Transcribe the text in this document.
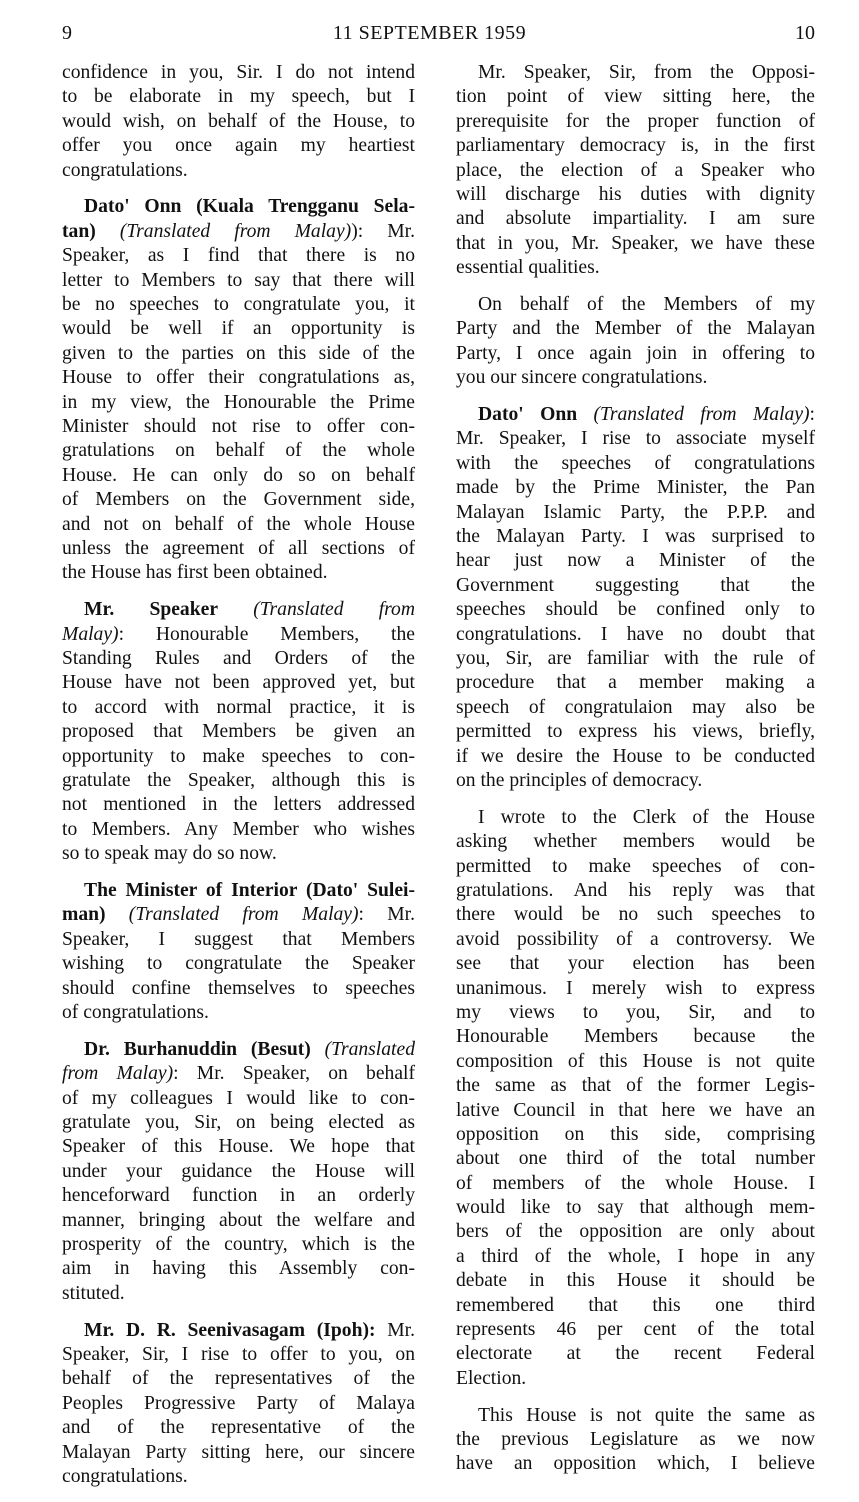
9	11 SEPTEMBER 1959	10
confidence in you, Sir. I do not intend
to be elaborate in my speech, but I
would wish, on behalf of the House, to
offer you once again my heartiest
congratulations.
Dato' Onn (Kuala Trengganu Sela-
tan) (Translated from Malay)): Mr.
Speaker, as I find that there is no
letter to Members to say that there will
be no speeches to congratulate you, it
would be well if an opportunity is
given to the parties on this side of the
House to offer their congratulations as,
in my view, the Honourable the Prime
Minister should not rise to offer con-
gratulations on behalf of the whole
House. He can only do so on behalf
of Members on the Government side,
and not on behalf of the whole House
unless the agreement of all sections of
the House has first been obtained.
Mr. Speaker (Translated from
Malay): Honourable Members, the
Standing Rules and Orders of the
House have not been approved yet, but
to accord with normal practice, it is
proposed that Members be given an
opportunity to make speeches to con-
gratulate the Speaker, although this is
not mentioned in the letters addressed
to Members. Any Member who wishes
so to speak may do so now.
The Minister of Interior (Dato' Sulei-
man) (Translated from Malay): Mr.
Speaker, I suggest that Members
wishing to congratulate the Speaker
should confine themselves to speeches
of congratulations.
Dr. Burhanuddin (Besut) (Translated
from Malay): Mr. Speaker, on behalf
of my colleagues I would like to con-
gratulate you, Sir, on being elected as
Speaker of this House. We hope that
under your guidance the House will
henceforward function in an orderly
manner, bringing about the welfare and
prosperity of the country, which is the
aim in having this Assembly con-
stituted.
Mr. D. R. Seenivasagam (Ipoh): Mr.
Speaker, Sir, I rise to offer to you, on
behalf of the representatives of the
Peoples Progressive Party of Malaya
and of the representative of the
Malayan Party sitting here, our sincere
congratulations.
Mr. Speaker, Sir, from the Opposi-
tion point of view sitting here, the
prerequisite for the proper function of
parliamentary democracy is, in the first
place, the election of a Speaker who
will discharge his duties with dignity
and absolute impartiality. I am sure
that in you, Mr. Speaker, we have these
essential qualities.
On behalf of the Members of my
Party and the Member of the Malayan
Party, I once again join in offering to
you our sincere congratulations.
Dato' Onn (Translated from Malay):
Mr. Speaker, I rise to associate myself
with the speeches of congratulations
made by the Prime Minister, the Pan
Malayan Islamic Party, the P.P.P. and
the Malayan Party. I was surprised to
hear just now a Minister of the
Government suggesting that the
speeches should be confined only to
congratulations. I have no doubt that
you, Sir, are familiar with the rule of
procedure that a member making a
speech of congratulaion may also be
permitted to express his views, briefly,
if we desire the House to be conducted
on the principles of democracy.
I wrote to the Clerk of the House
asking whether members would be
permitted to make speeches of con-
gratulations. And his reply was that
there would be no such speeches to
avoid possibility of a controversy. We
see that your election has been
unanimous. I merely wish to express
my views to you, Sir, and to
Honourable Members because the
composition of this House is not quite
the same as that of the former Legis-
lative Council in that here we have an
opposition on this side, comprising
about one third of the total number
of members of the whole House. I
would like to say that although mem-
bers of the opposition are only about
a third of the whole, I hope in any
debate in this House it should be
remembered that this one third
represents 46 per cent of the total
electorate at the recent Federal
Election.
This House is not quite the same as
the previous Legislature as we now
have an opposition which, I believe
